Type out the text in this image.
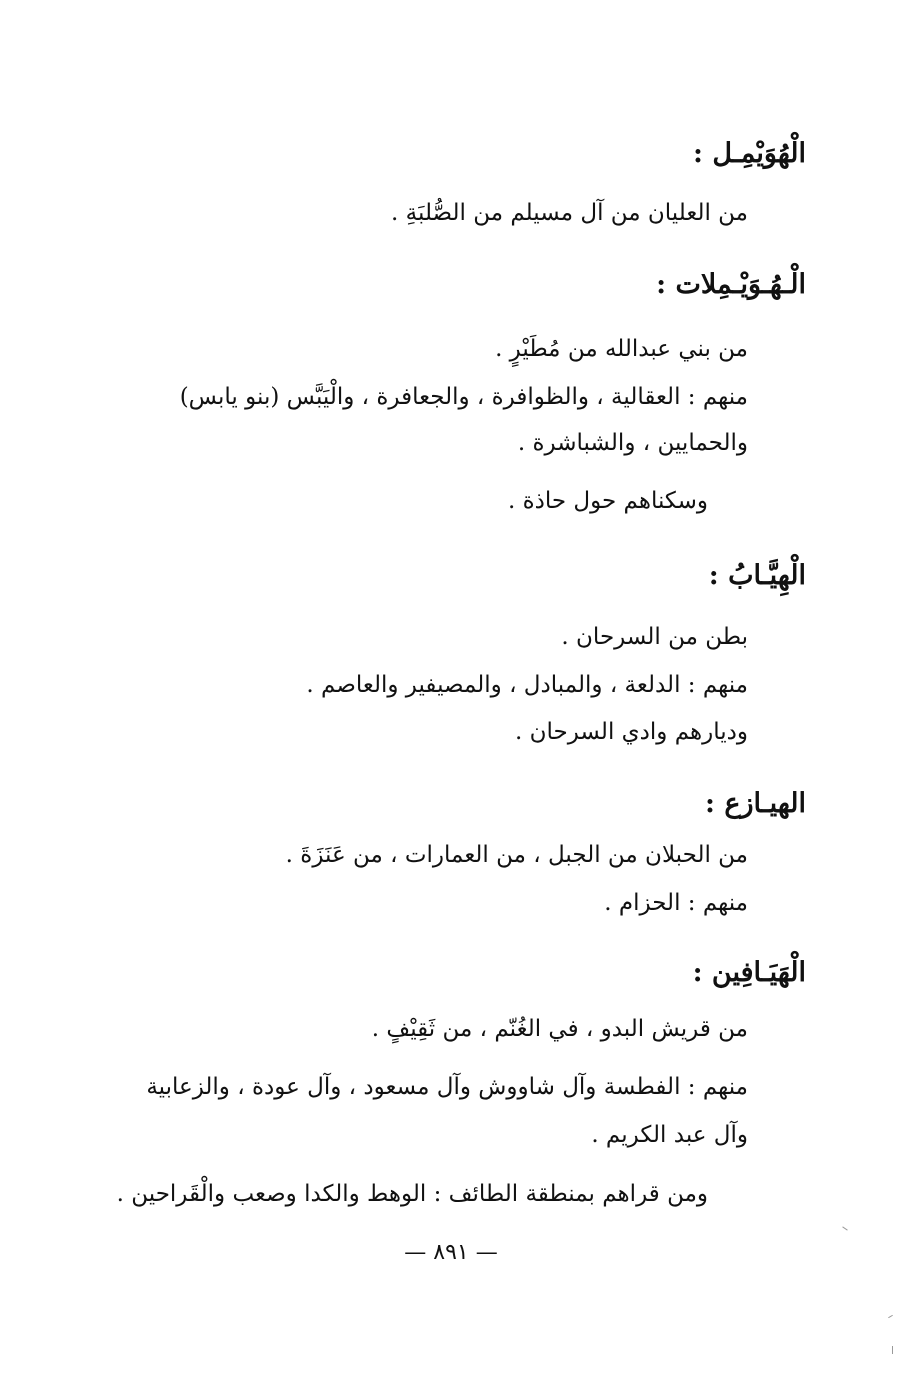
الْهُوَيْمِـل :
من العليان من آل مسيلم من الصُّلبَةِ .
الْـهُـوَيْـمِلات :
من بني عبدالله من مُطَيْرٍ .
منهم : العقالية ، والظوافرة ، والجعافرة ، والْيَبَّس (بنو يابس)
والحمايين ، والشباشرة .
وسكناهم حول حاذة .
الْهِيَّـابُ :
بطن من السرحان .
منهم : الدلعة ، والمبادل ، والمصيفير والعاصم .
وديارهم وادي السرحان .
الهيـازع :
من الحبلان من الجبل ، من العمارات ، من عَنَزَةَ .
منهم : الحزام .
الْهَيَـافِين :
من قريش البدو ، في الغُنّم ، من ثَقِيْفٍ .
منهم : الفطسة وآل شاووش وآل مسعود ، وآل عودة ، والزعابية
وآل عبد الكريم .
ومن قراهم بمنطقة الطائف : الوهط والكدا وصعب والْقَراحين .
— ٨٩١ —
